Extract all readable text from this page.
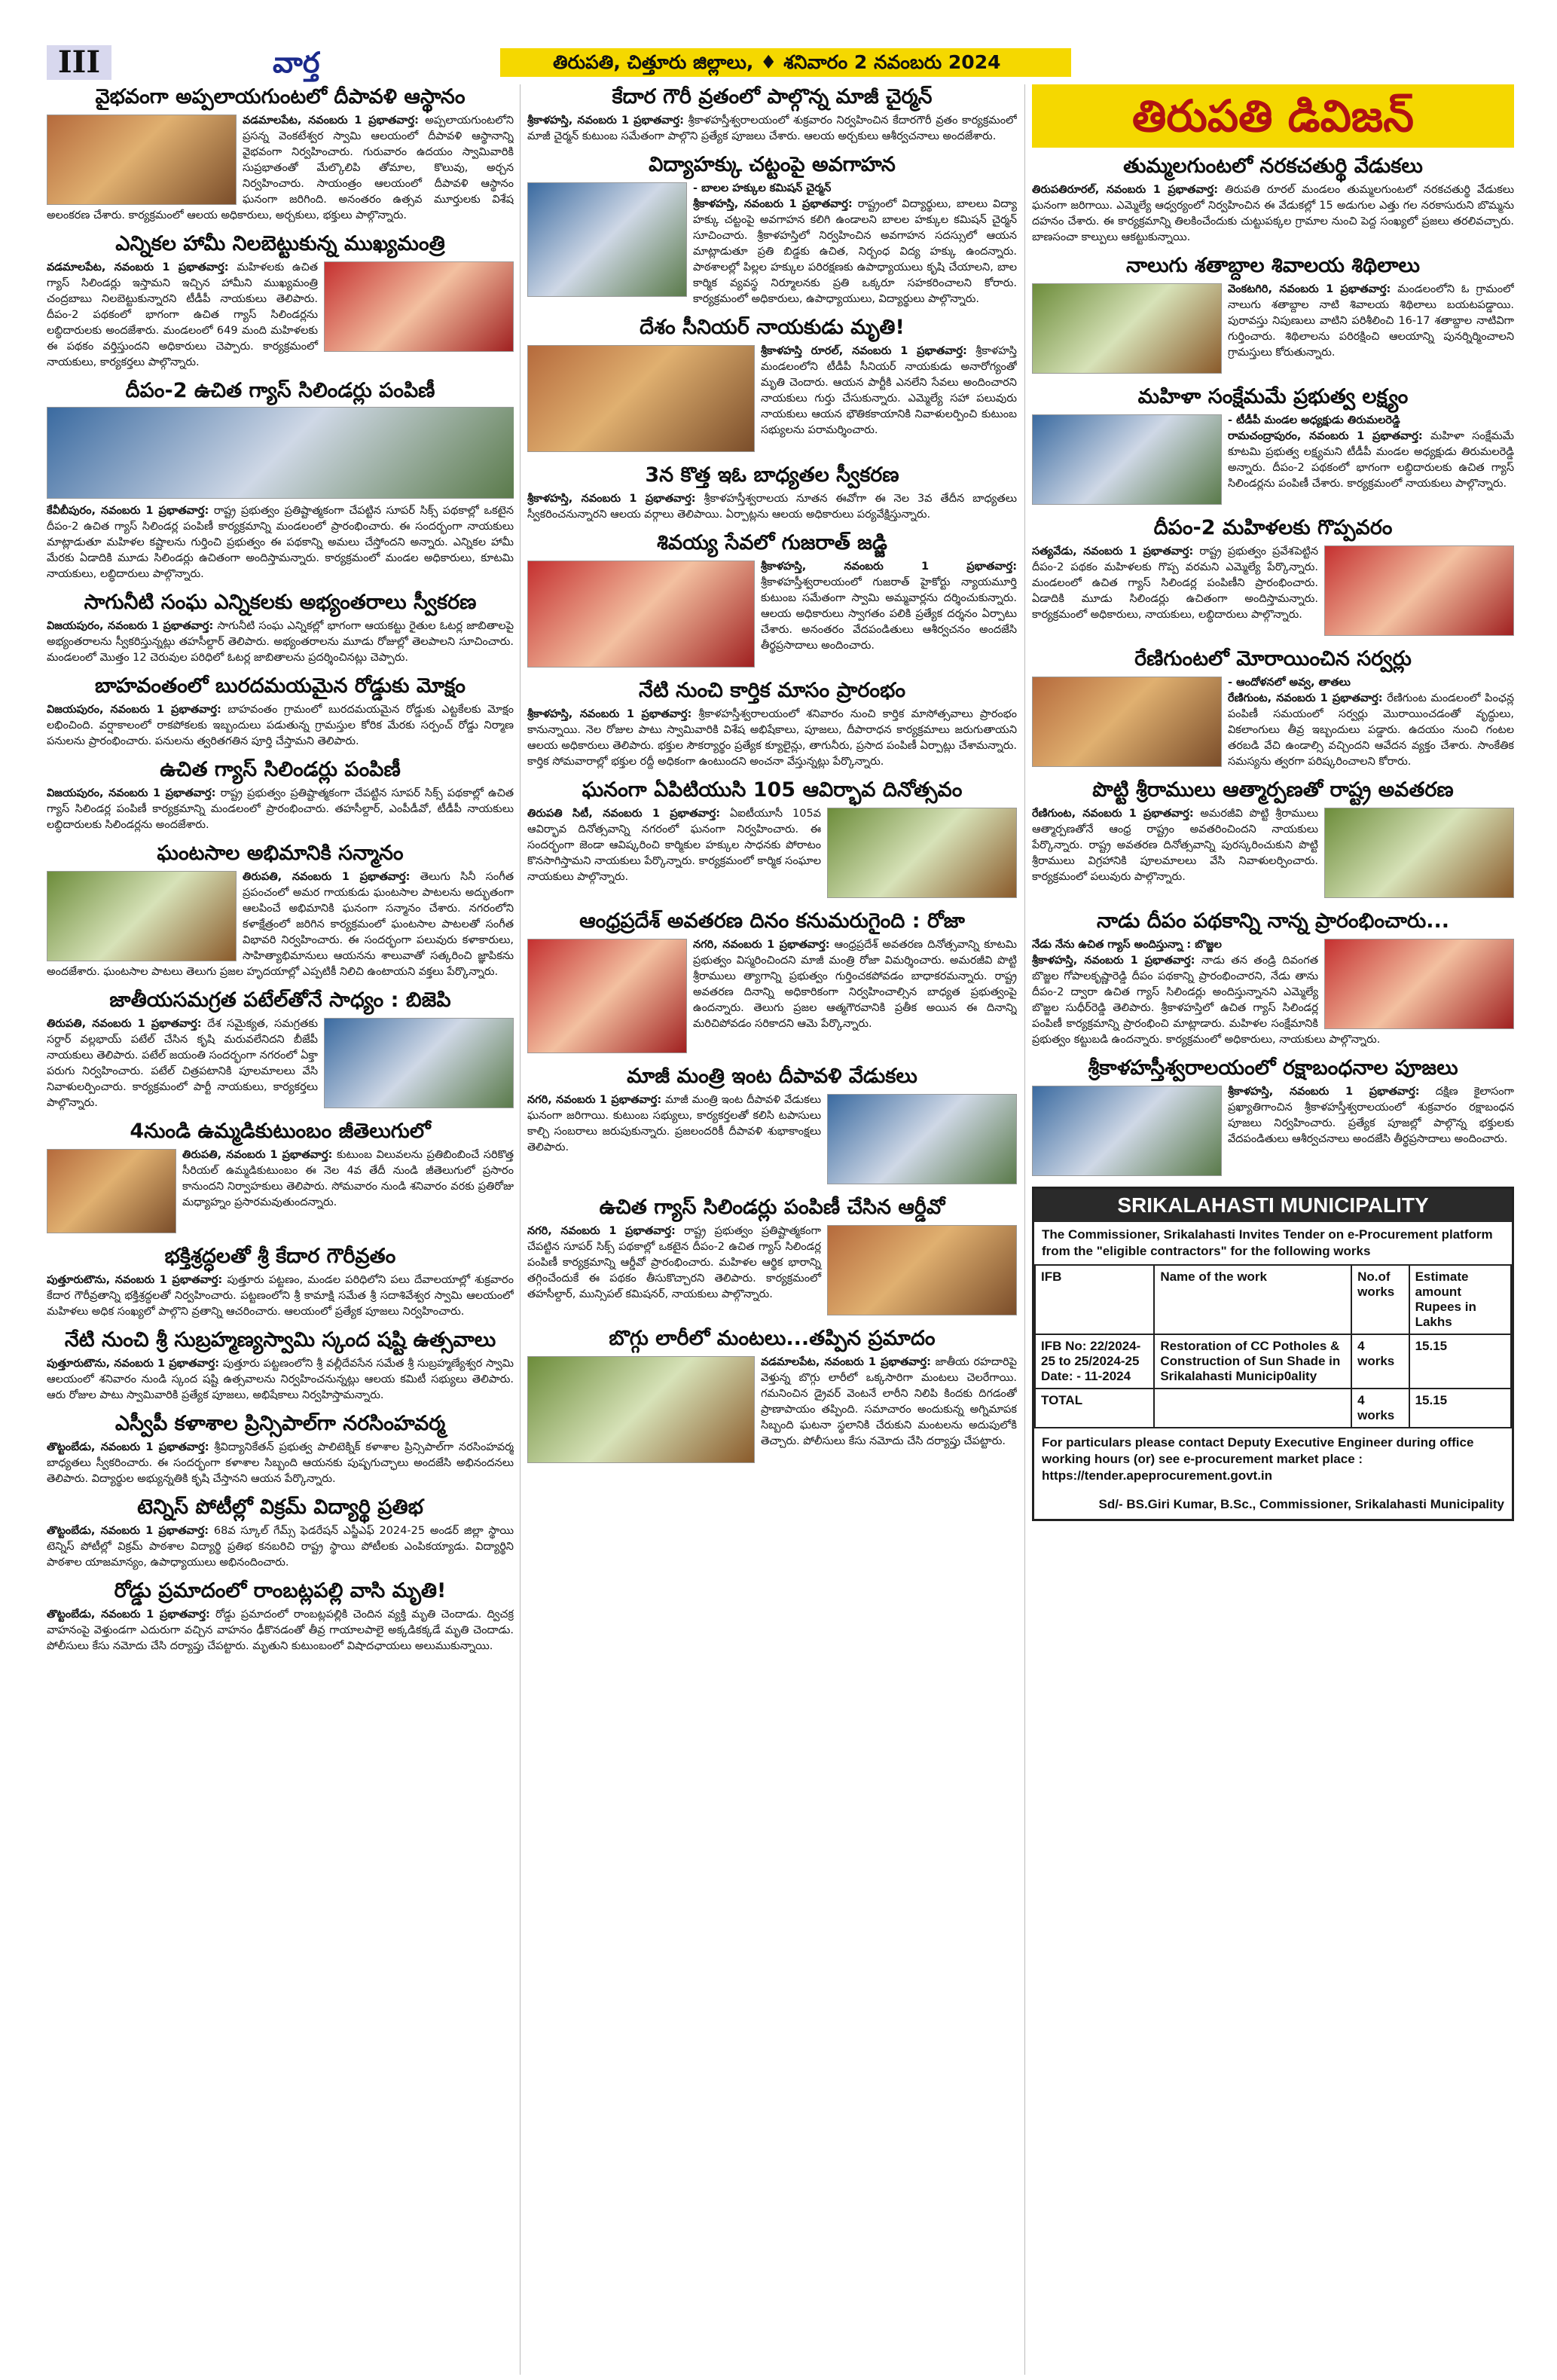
III	వార్త	తిరుపతి, చిత్తూరు జిల్లాలు, ♦ శనివారం 2 నవంబరు 2024
వైభవంగా అప్పలాయగుంటలో దీపావళి ఆస్థానం

వడమాలపేట, నవంబరు 1 ప్రభాతవార్త: అప్పలాయగుంటలోని ప్రసన్న వెంకటేశ్వర స్వామి ఆలయంలో దీపావళి ఆస్థానాన్ని వైభవంగా నిర్వహించారు. గురువారం ఉదయం స్వామివారికి సుప్రభాతంతో మేల్కొలిపి తోమాల, కొలువు, అర్చన నిర్వహించారు. సాయంత్రం ఆలయంలో దీపావళి ఆస్థానం ఘనంగా జరిగింది. అనంతరం ఉత్సవ మూర్తులకు విశేష అలంకరణ చేశారు. కార్యక్రమంలో ఆలయ అధికారులు, అర్చకులు, భక్తులు పాల్గొన్నారు.

ఎన్నికల హామీ నిలబెట్టుకున్న ముఖ్యమంత్రి

వడమాలపేట, నవంబరు 1 ప్రభాతవార్త: మహిళలకు ఉచిత గ్యాస్ సిలిండర్లు ఇస్తామని ఇచ్చిన హామీని ముఖ్యమంత్రి చంద్రబాబు నిలబెట్టుకున్నారని టీడీపీ నాయకులు తెలిపారు. దీపం-2 పథకంలో భాగంగా ఉచిత గ్యాస్ సిలిండర్లను లబ్ధిదారులకు అందజేశారు. మండలంలో 649 మంది మహిళలకు ఈ పథకం వర్తిస్తుందని అధికారులు చెప్పారు. కార్యక్రమంలో నాయకులు, కార్యకర్తలు పాల్గొన్నారు.

దీపం-2 ఉచిత గ్యాస్ సిలిండర్లు పంపిణీ

కేవీబీపురం, నవంబరు 1 ప్రభాతవార్త: రాష్ట్ర ప్రభుత్వం ప్రతిష్టాత్మకంగా చేపట్టిన సూపర్ సిక్స్ పథకాల్లో ఒకటైన దీపం-2 ఉచిత గ్యాస్ సిలిండర్ల పంపిణీ కార్యక్రమాన్ని మండలంలో ప్రారంభించారు. ఈ సందర్భంగా నాయకులు మాట్లాడుతూ మహిళల కష్టాలను గుర్తించి ప్రభుత్వం ఈ పథకాన్ని అమలు చేస్తోందని అన్నారు. ఎన్నికల హామీ మేరకు ఏడాదికి మూడు సిలిండర్లు ఉచితంగా అందిస్తామన్నారు. కార్యక్రమంలో మండల అధికారులు, కూటమి నాయకులు, లబ్ధిదారులు పాల్గొన్నారు.

సాగునీటి సంఘ ఎన్నికలకు అభ్యంతరాలు స్వీకరణ

విజయపురం, నవంబరు 1 ప్రభాతవార్త: సాగునీటి సంఘ ఎన్నికల్లో భాగంగా ఆయకట్టు రైతుల ఓటర్ల జాబితాలపై అభ్యంతరాలను స్వీకరిస్తున్నట్లు తహసీల్దార్ తెలిపారు. అభ్యంతరాలను మూడు రోజుల్లో తెలపాలని సూచించారు. మండలంలో మొత్తం 12 చెరువుల పరిధిలో ఓటర్ల జాబితాలను ప్రదర్శించినట్లు చెప్పారు.

బాహవంతంలో బురదమయమైన రోడ్డుకు మోక్షం

విజయపురం, నవంబరు 1 ప్రభాతవార్త: బాహవంతం గ్రామంలో బురదమయమైన రోడ్డుకు ఎట్టకేలకు మోక్షం లభించింది. వర్షాకాలంలో రాకపోకలకు ఇబ్బందులు పడుతున్న గ్రామస్తుల కోరిక మేరకు సర్పంచ్ రోడ్డు నిర్మాణ పనులను ప్రారంభించారు. పనులను త్వరితగతిన పూర్తి చేస్తామని తెలిపారు.

ఉచిత గ్యాస్ సిలిండర్లు పంపిణీ

విజయపురం, నవంబరు 1 ప్రభాతవార్త: రాష్ట్ర ప్రభుత్వం ప్రతిష్టాత్మకంగా చేపట్టిన సూపర్ సిక్స్ పథకాల్లో ఉచిత గ్యాస్ సిలిండర్ల పంపిణీ కార్యక్రమాన్ని మండలంలో ప్రారంభించారు. తహసీల్దార్, ఎంపీడీవో, టీడీపీ నాయకులు లబ్ధిదారులకు సిలిండర్లను అందజేశారు.

ఘంటసాల అభిమానికి సన్మానం

తిరుపతి, నవంబరు 1 ప్రభాతవార్త: తెలుగు సినీ సంగీత ప్రపంచంలో అమర గాయకుడు ఘంటసాల పాటలను అద్భుతంగా ఆలపించే అభిమానికి ఘనంగా సన్మానం చేశారు. నగరంలోని కళాక్షేత్రంలో జరిగిన కార్యక్రమంలో ఘంటసాల పాటలతో సంగీత విభావరి నిర్వహించారు. ఈ సందర్భంగా పలువురు కళాకారులు, సాహిత్యాభిమానులు ఆయనను శాలువాతో సత్కరించి జ్ఞాపికను అందజేశారు. ఘంటసాల పాటలు తెలుగు ప్రజల హృదయాల్లో ఎప్పటికీ నిలిచి ఉంటాయని వక్తలు పేర్కొన్నారు.

జాతీయసమగ్రత పటేల్‌తోనే సాధ్యం : బిజెపి

తిరుపతి, నవంబరు 1 ప్రభాతవార్త: దేశ సమైక్యత, సమగ్రతకు సర్దార్ వల్లభాయ్ పటేల్ చేసిన కృషి మరువలేనిదని బీజేపీ నాయకులు తెలిపారు. పటేల్ జయంతి సందర్భంగా నగరంలో ఏక్తా పరుగు నిర్వహించారు. పటేల్ చిత్రపటానికి పూలమాలలు వేసి నివాళులర్పించారు. కార్యక్రమంలో పార్టీ నాయకులు, కార్యకర్తలు పాల్గొన్నారు.

4నుండి ఉమ్మడికుటుంబం జీతెలుగులో

తిరుపతి, నవంబరు 1 ప్రభాతవార్త: కుటుంబ విలువలను ప్రతిబింబించే సరికొత్త సీరియల్ ఉమ్మడికుటుంబం ఈ నెల 4వ తేదీ నుండి జీతెలుగులో ప్రసారం కానుందని నిర్వాహకులు తెలిపారు. సోమవారం నుండి శనివారం వరకు ప్రతిరోజు మధ్యాహ్నం ప్రసారమవుతుందన్నారు.

భక్తిశ్రద్ధలతో శ్రీ కేదార గౌరీవ్రతం

పుత్తూరుటౌను, నవంబరు 1 ప్రభాతవార్త: పుత్తూరు పట్టణం, మండల పరిధిలోని పలు దేవాలయాల్లో శుక్రవారం కేదార గౌరీవ్రతాన్ని భక్తిశ్రద్ధలతో నిర్వహించారు. పట్టణంలోని శ్రీ కామాక్షి సమేత శ్రీ సదాశివేశ్వర స్వామి ఆలయంలో మహిళలు అధిక సంఖ్యలో పాల్గొని వ్రతాన్ని ఆచరించారు. ఆలయంలో ప్రత్యేక పూజలు నిర్వహించారు.

నేటి నుంచి శ్రీ సుబ్రహ్మణ్యస్వామి స్కంద షష్టి ఉత్సవాలు

పుత్తూరుటౌను, నవంబరు 1 ప్రభాతవార్త: పుత్తూరు పట్టణంలోని శ్రీ వల్లీదేవసేన సమేత శ్రీ సుబ్రహ్మణ్యేశ్వర స్వామి ఆలయంలో శనివారం నుండి స్కంద షష్టి ఉత్సవాలను నిర్వహించనున్నట్లు ఆలయ కమిటీ సభ్యులు తెలిపారు. ఆరు రోజుల పాటు స్వామివారికి ప్రత్యేక పూజలు, అభిషేకాలు నిర్వహిస్తామన్నారు.

ఎస్వీపీ కళాశాల ప్రిన్సిపాల్‌గా నరసింహవర్మ

తొట్టంబేడు, నవంబరు 1 ప్రభాతవార్త: శ్రీవిద్యానికేతన్ ప్రభుత్వ పాలిటెక్నిక్ కళాశాల ప్రిన్సిపాల్‌గా నరసింహవర్మ బాధ్యతలు స్వీకరించారు. ఈ సందర్భంగా కళాశాల సిబ్బంది ఆయనకు పుష్పగుచ్ఛాలు అందజేసి అభినందనలు తెలిపారు. విద్యార్థుల అభ్యున్నతికి కృషి చేస్తానని ఆయన పేర్కొన్నారు.

టెన్నిస్ పోటీల్లో విక్రమ్ విద్యార్థి ప్రతిభ

తొట్టంబేడు, నవంబరు 1 ప్రభాతవార్త: 68వ స్కూల్ గేమ్స్ ఫెడరేషన్ ఎస్జీఎఫ్ 2024-25 అండర్ జిల్లా స్థాయి టెన్నిస్ పోటీల్లో విక్రమ్ పాఠశాల విద్యార్థి ప్రతిభ కనబరిచి రాష్ట్ర స్థాయి పోటీలకు ఎంపికయ్యాడు. విద్యార్థిని పాఠశాల యాజమాన్యం, ఉపాధ్యాయులు అభినందించారు.

రోడ్డు ప్రమాదంలో రాంబట్లపల్లి వాసి మృతి!

తొట్టంబేడు, నవంబరు 1 ప్రభాతవార్త: రోడ్డు ప్రమాదంలో రాంబట్లపల్లికి చెందిన వ్యక్తి మృతి చెందాడు. ద్విచక్ర వాహనంపై వెళ్తుండగా ఎదురుగా వచ్చిన వాహనం ఢీకొనడంతో తీవ్ర గాయాలపాలై అక్కడికక్కడే మృతి చెందాడు. పోలీసులు కేసు నమోదు చేసి దర్యాప్తు చేపట్టారు. మృతుని కుటుంబంలో విషాదఛాయలు అలుముకున్నాయి.

కేదార గౌరీ వ్రతంలో పాల్గొన్న మాజీ చైర్మన్

శ్రీకాళహస్తి, నవంబరు 1 ప్రభాతవార్త: శ్రీకాళహస్తీశ్వరాలయంలో శుక్రవారం నిర్వహించిన కేదారగౌరీ వ్రతం కార్యక్రమంలో మాజీ చైర్మన్ కుటుంబ సమేతంగా పాల్గొని ప్రత్యేక పూజలు చేశారు. ఆలయ అర్చకులు ఆశీర్వచనాలు అందజేశారు.

విద్యాహక్కు చట్టంపై అవగాహన

- బాలల హక్కుల కమిషన్ చైర్మన్
శ్రీకాళహస్తి, నవంబరు 1 ప్రభాతవార్త: రాష్ట్రంలో విద్యార్థులు, బాలలు విద్యా హక్కు చట్టంపై అవగాహన కలిగి ఉండాలని బాలల హక్కుల కమిషన్ చైర్మన్ సూచించారు. శ్రీకాళహస్తిలో నిర్వహించిన అవగాహన సదస్సులో ఆయన మాట్లాడుతూ ప్రతి బిడ్డకు ఉచిత, నిర్బంధ విద్య హక్కు ఉందన్నారు. పాఠశాలల్లో పిల్లల హక్కుల పరిరక్షణకు ఉపాధ్యాయులు కృషి చేయాలని, బాల కార్మిక వ్యవస్థ నిర్మూలనకు ప్రతి ఒక్కరూ సహకరించాలని కోరారు. కార్యక్రమంలో అధికారులు, ఉపాధ్యాయులు, విద్యార్థులు పాల్గొన్నారు.

దేశం సీనియర్ నాయకుడు మృతి!

శ్రీకాళహస్తి రూరల్, నవంబరు 1 ప్రభాతవార్త: శ్రీకాళహస్తి మండలంలోని టీడీపీ సీనియర్ నాయకుడు అనారోగ్యంతో మృతి చెందారు. ఆయన పార్టీకి ఎనలేని సేవలు అందించారని నాయకులు గుర్తు చేసుకున్నారు. ఎమ్మెల్యే సహా పలువురు నాయకులు ఆయన భౌతికకాయానికి నివాళులర్పించి కుటుంబ సభ్యులను పరామర్శించారు.

3న కొత్త ఇఓ బాధ్యతల స్వీకరణ

శ్రీకాళహస్తి, నవంబరు 1 ప్రభాతవార్త: శ్రీకాళహస్తీశ్వరాలయ నూతన ఈవోగా ఈ నెల 3వ తేదీన బాధ్యతలు స్వీకరించనున్నారని ఆలయ వర్గాలు తెలిపాయి. ఏర్పాట్లను ఆలయ అధికారులు పర్యవేక్షిస్తున్నారు.

శివయ్య సేవలో గుజరాత్ జడ్జి

శ్రీకాళహస్తి, నవంబరు 1 ప్రభాతవార్త: శ్రీకాళహస్తీశ్వరాలయంలో గుజరాత్ హైకోర్టు న్యాయమూర్తి కుటుంబ సమేతంగా స్వామి అమ్మవార్లను దర్శించుకున్నారు. ఆలయ అధికారులు స్వాగతం పలికి ప్రత్యేక దర్శనం ఏర్పాటు చేశారు. అనంతరం వేదపండితులు ఆశీర్వచనం అందజేసి తీర్థప్రసాదాలు అందించారు.

నేటి నుంచి కార్తిక మాసం ప్రారంభం

శ్రీకాళహస్తి, నవంబరు 1 ప్రభాతవార్త: శ్రీకాళహస్తీశ్వరాలయంలో శనివారం నుంచి కార్తిక మాసోత్సవాలు ప్రారంభం కానున్నాయి. నెల రోజుల పాటు స్వామివారికి విశేష అభిషేకాలు, పూజలు, దీపారాధన కార్యక్రమాలు జరుగుతాయని ఆలయ అధికారులు తెలిపారు. భక్తుల సౌకర్యార్థం ప్రత్యేక క్యూలైన్లు, తాగునీరు, ప్రసాద పంపిణీ ఏర్పాట్లు చేశామన్నారు. కార్తిక సోమవారాల్లో భక్తుల రద్దీ అధికంగా ఉంటుందని అంచనా వేస్తున్నట్లు పేర్కొన్నారు.

ఘనంగా ఏపిటియుసి 105 ఆవిర్భావ దినోత్సవం

తిరుపతి సిటీ, నవంబరు 1 ప్రభాతవార్త: ఏఐటీయూసీ 105వ ఆవిర్భావ దినోత్సవాన్ని నగరంలో ఘనంగా నిర్వహించారు. ఈ సందర్భంగా జెండా ఆవిష్కరించి కార్మికుల హక్కుల సాధనకు పోరాటం కొనసాగిస్తామని నాయకులు పేర్కొన్నారు. కార్యక్రమంలో కార్మిక సంఘాల నాయకులు పాల్గొన్నారు.

ఆంధ్రప్రదేశ్ అవతరణ దినం కనుమరుగైంది : రోజా

నగరి, నవంబరు 1 ప్రభాతవార్త: ఆంధ్రప్రదేశ్ అవతరణ దినోత్సవాన్ని కూటమి ప్రభుత్వం విస్మరించిందని మాజీ మంత్రి రోజా విమర్శించారు. అమరజీవి పొట్టి శ్రీరాములు త్యాగాన్ని ప్రభుత్వం గుర్తించకపోవడం బాధాకరమన్నారు. రాష్ట్ర అవతరణ దినాన్ని అధికారికంగా నిర్వహించాల్సిన బాధ్యత ప్రభుత్వంపై ఉందన్నారు. తెలుగు ప్రజల ఆత్మగౌరవానికి ప్రతీక అయిన ఈ దినాన్ని మరిచిపోవడం సరికాదని ఆమె పేర్కొన్నారు.

మాజీ మంత్రి ఇంట దీపావళి వేడుకలు

నగరి, నవంబరు 1 ప్రభాతవార్త: మాజీ మంత్రి ఇంట దీపావళి వేడుకలు ఘనంగా జరిగాయి. కుటుంబ సభ్యులు, కార్యకర్తలతో కలిసి టపాసులు కాల్చి సంబరాలు జరుపుకున్నారు. ప్రజలందరికీ దీపావళి శుభాకాంక్షలు తెలిపారు.

ఉచిత గ్యాస్ సిలిండర్లు పంపిణీ చేసిన ఆర్డీవో

నగరి, నవంబరు 1 ప్రభాతవార్త: రాష్ట్ర ప్రభుత్వం ప్రతిష్టాత్మకంగా చేపట్టిన సూపర్ సిక్స్ పథకాల్లో ఒకటైన దీపం-2 ఉచిత గ్యాస్ సిలిండర్ల పంపిణీ కార్యక్రమాన్ని ఆర్డీవో ప్రారంభించారు. మహిళల ఆర్థిక భారాన్ని తగ్గించేందుకే ఈ పథకం తీసుకొచ్చారని తెలిపారు. కార్యక్రమంలో తహసీల్దార్, మున్సిపల్ కమిషనర్, నాయకులు పాల్గొన్నారు.

బొగ్గు లారీలో మంటలు...తప్పిన ప్రమాదం

వడమాలపేట, నవంబరు 1 ప్రభాతవార్త: జాతీయ రహదారిపై వెళ్తున్న బొగ్గు లారీలో ఒక్కసారిగా మంటలు చెలరేగాయి. గమనించిన డ్రైవర్ వెంటనే లారీని నిలిపి కిందకు దిగడంతో ప్రాణాపాయం తప్పింది. సమాచారం అందుకున్న అగ్నిమాపక సిబ్బంది ఘటనా స్థలానికి చేరుకుని మంటలను అదుపులోకి తెచ్చారు. పోలీసులు కేసు నమోదు చేసి దర్యాప్తు చేపట్టారు.

తిరుపతి డివిజన్
తుమ్మలగుంటలో నరకచతుర్థి వేడుకలు

తిరుపతిరూరల్, నవంబరు 1 ప్రభాతవార్త: తిరుపతి రూరల్ మండలం తుమ్మలగుంటలో నరకచతుర్థి వేడుకలు ఘనంగా జరిగాయి. ఎమ్మెల్యే ఆధ్వర్యంలో నిర్వహించిన ఈ వేడుకల్లో 15 అడుగుల ఎత్తు గల నరకాసురుని బొమ్మను దహనం చేశారు. ఈ కార్యక్రమాన్ని తిలకించేందుకు చుట్టుపక్కల గ్రామాల నుంచి పెద్ద సంఖ్యలో ప్రజలు తరలివచ్చారు. బాణసంచా కాల్పులు ఆకట్టుకున్నాయి.

నాలుగు శతాబ్దాల శివాలయ శిథిలాలు

వెంకటగిరి, నవంబరు 1 ప్రభాతవార్త: మండలంలోని ఓ గ్రామంలో నాలుగు శతాబ్దాల నాటి శివాలయ శిథిలాలు బయటపడ్డాయి. పురావస్తు నిపుణులు వాటిని పరిశీలించి 16-17 శతాబ్దాల నాటివిగా గుర్తించారు. శిథిలాలను పరిరక్షించి ఆలయాన్ని పునర్నిర్మించాలని గ్రామస్తులు కోరుతున్నారు.

మహిళా సంక్షేమమే ప్రభుత్వ లక్ష్యం

- టీడీపీ మండల అధ్యక్షుడు తిరుమలరెడ్డి
రామచంద్రాపురం, నవంబరు 1 ప్రభాతవార్త: మహిళా సంక్షేమమే కూటమి ప్రభుత్వ లక్ష్యమని టీడీపీ మండల అధ్యక్షుడు తిరుమలరెడ్డి అన్నారు. దీపం-2 పథకంలో భాగంగా లబ్ధిదారులకు ఉచిత గ్యాస్ సిలిండర్లను పంపిణీ చేశారు. కార్యక్రమంలో నాయకులు పాల్గొన్నారు.

దీపం-2 మహిళలకు గొప్పవరం

సత్యవేడు, నవంబరు 1 ప్రభాతవార్త: రాష్ట్ర ప్రభుత్వం ప్రవేశపెట్టిన దీపం-2 పథకం మహిళలకు గొప్ప వరమని ఎమ్మెల్యే పేర్కొన్నారు. మండలంలో ఉచిత గ్యాస్ సిలిండర్ల పంపిణీని ప్రారంభించారు. ఏడాదికి మూడు సిలిండర్లు ఉచితంగా అందిస్తామన్నారు. కార్యక్రమంలో అధికారులు, నాయకులు, లబ్ధిదారులు పాల్గొన్నారు.

రేణిగుంటలో మోరాయించిన సర్వర్లు

- ఆందోళనలో అవ్వ, తాతలు
రేణిగుంట, నవంబరు 1 ప్రభాతవార్త: రేణిగుంట మండలంలో పింఛన్ల పంపిణీ సమయంలో సర్వర్లు మొరాయించడంతో వృద్ధులు, వికలాంగులు తీవ్ర ఇబ్బందులు పడ్డారు. ఉదయం నుంచి గంటల తరబడి వేచి ఉండాల్సి వచ్చిందని ఆవేదన వ్యక్తం చేశారు. సాంకేతిక సమస్యను త్వరగా పరిష్కరించాలని కోరారు.

పొట్టి శ్రీరాములు ఆత్మార్పణతో రాష్ట్ర అవతరణ

రేణిగుంట, నవంబరు 1 ప్రభాతవార్త: అమరజీవి పొట్టి శ్రీరాములు ఆత్మార్పణతోనే ఆంధ్ర రాష్ట్రం అవతరించిందని నాయకులు పేర్కొన్నారు. రాష్ట్ర అవతరణ దినోత్సవాన్ని పురస్కరించుకుని పొట్టి శ్రీరాములు విగ్రహానికి పూలమాలలు వేసి నివాళులర్పించారు. కార్యక్రమంలో పలువురు పాల్గొన్నారు.

నాడు దీపం పథకాన్ని నాన్న ప్రారంభించారు...

నేడు నేను ఉచిత గ్యాస్ అందిస్తున్నా : బొజ్జల
శ్రీకాళహస్తి, నవంబరు 1 ప్రభాతవార్త: నాడు తన తండ్రి దివంగత బొజ్జల గోపాలకృష్ణారెడ్డి దీపం పథకాన్ని ప్రారంభించారని, నేడు తాను దీపం-2 ద్వారా ఉచిత గ్యాస్ సిలిండర్లు అందిస్తున్నానని ఎమ్మెల్యే బొజ్జల సుధీర్‌రెడ్డి తెలిపారు. శ్రీకాళహస్తిలో ఉచిత గ్యాస్ సిలిండర్ల పంపిణీ కార్యక్రమాన్ని ప్రారంభించి మాట్లాడారు. మహిళల సంక్షేమానికి ప్రభుత్వం కట్టుబడి ఉందన్నారు. కార్యక్రమంలో అధికారులు, నాయకులు పాల్గొన్నారు.

శ్రీకాళహస్తీశ్వరాలయంలో రక్షాబంధనాల పూజలు

శ్రీకాళహస్తి, నవంబరు 1 ప్రభాతవార్త: దక్షిణ కైలాసంగా ప్రఖ్యాతిగాంచిన శ్రీకాళహస్తీశ్వరాలయంలో శుక్రవారం రక్షాబంధన పూజలు నిర్వహించారు. ప్రత్యేక పూజల్లో పాల్గొన్న భక్తులకు వేదపండితులు ఆశీర్వచనాలు అందజేసి తీర్థప్రసాదాలు అందించారు.

SRIKALAHASTI MUNICIPALITY
The Commissioner, Srikalahasti Invites Tender on e-Procurement platform from the "eligible contractors" for the following works
IFB	Name of the work	No.of works	Estimate amount Rupees in Lakhs
IFB No: 22/2024-25 to 25/2024-25 Date: - 11-2024	Restoration of CC Potholes & Construction of Sun Shade in Srikalahasti Municip0ality	4 works	15.15
TOTAL		4 works	15.15
For particulars please contact Deputy Executive Engineer during office working hours (or) see e-procurement market place : https://tender.apeprocurement.govt.in
Sd/- BS.Giri Kumar, B.Sc., Commissioner, Srikalahasti Municipality
